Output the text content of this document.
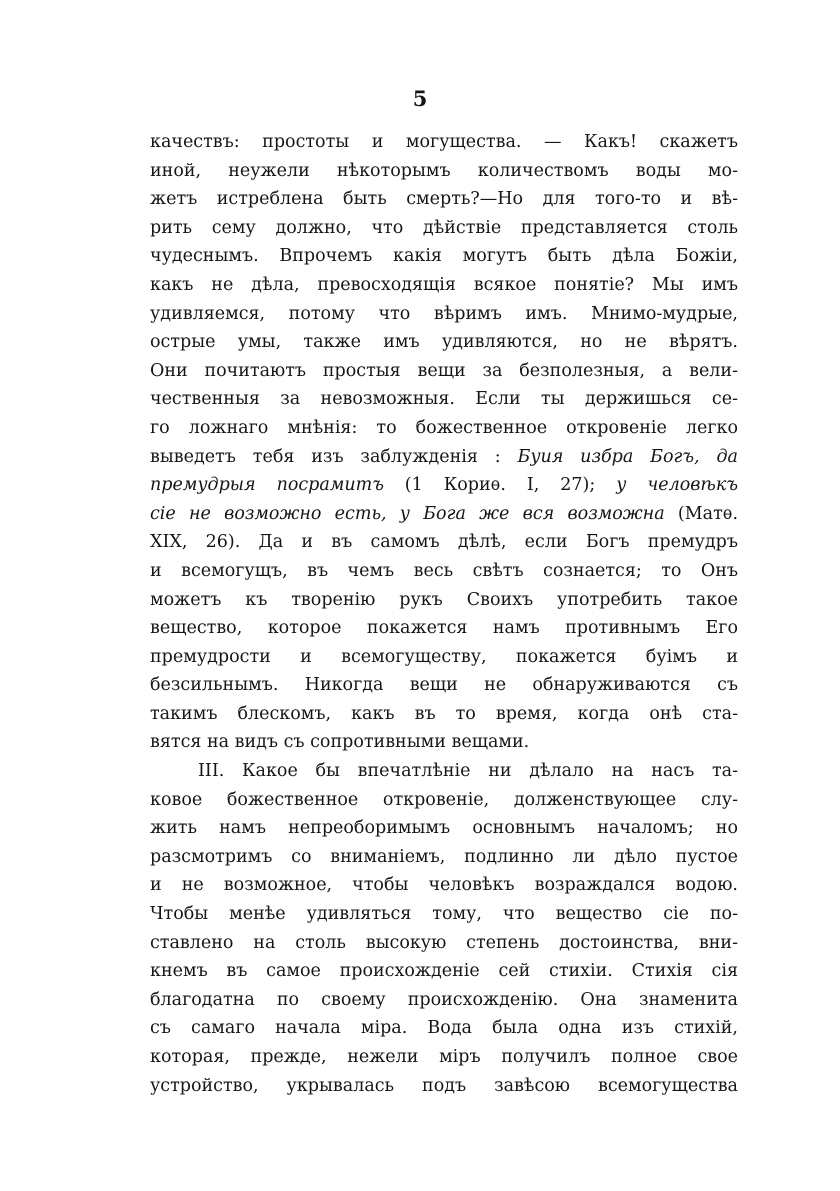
5
качествъ: простоты и могущества. — Какъ! скажетъ
иной, неужели нѣкоторымъ количествомъ воды мо-
жетъ истреблена быть смерть?—Но для того-то и вѣ-
рить сему должно, что дѣйствіе представляется столь
чудеснымъ. Впрочемъ какія могутъ быть дѣла Божіи,
какъ не дѣла, превосходящія всякое понятіе? Мы имъ
удивляемся, потому что вѣримъ имъ. Мнимо-мудрые,
острые умы, также имъ удивляются, но не вѣрятъ.
Они почитаютъ простыя вещи за безполезныя, а вели-
чественныя за невозможныя. Если ты держишься се-
го ложнаго мнѣнія: то божественное откровеніе легко
выведетъ тебя изъ заблужденія : Буия избра Богъ, да
премудрыя посрамитъ (1 Кориѳ. I, 27); у человѣкъ
сіе не возможно есть, у Бога же вся возможна (Матѳ.
XIX, 26). Да и въ самомъ дѣлѣ, если Богъ премудръ
и всемогущъ, въ чемъ весь свѣтъ сознается; то Онъ
можетъ къ творенію рукъ Своихъ употребить такое
вещество, которое покажется намъ противнымъ Его
премудрости и всемогуществу, покажется буімъ и
безсильнымъ. Никогда вещи не обнаруживаются съ
такимъ блескомъ, какъ въ то время, когда онѣ ста-
вятся на видъ съ сопротивными вещами.
III. Какое бы впечатлѣніе ни дѣлало на насъ та-
ковое божественное откровеніе, долженствующее слу-
жить намъ непреоборимымъ основнымъ началомъ; но
разсмотримъ со вниманіемъ, подлинно ли дѣло пустое
и не возможное, чтобы человѣкъ возраждался водою.
Чтобы менѣе удивляться тому, что вещество сіе по-
ставлено на столь высокую степень достоинства, вни-
кнемъ въ самое происхожденіе сей стихіи. Стихія сія
благодатна по своему происхожденію. Она знаменита
съ самаго начала міра. Вода была одна изъ стихій,
которая, прежде, нежели міръ получилъ полное свое
устройство, укрывалась подъ завѣсою всемогущества
